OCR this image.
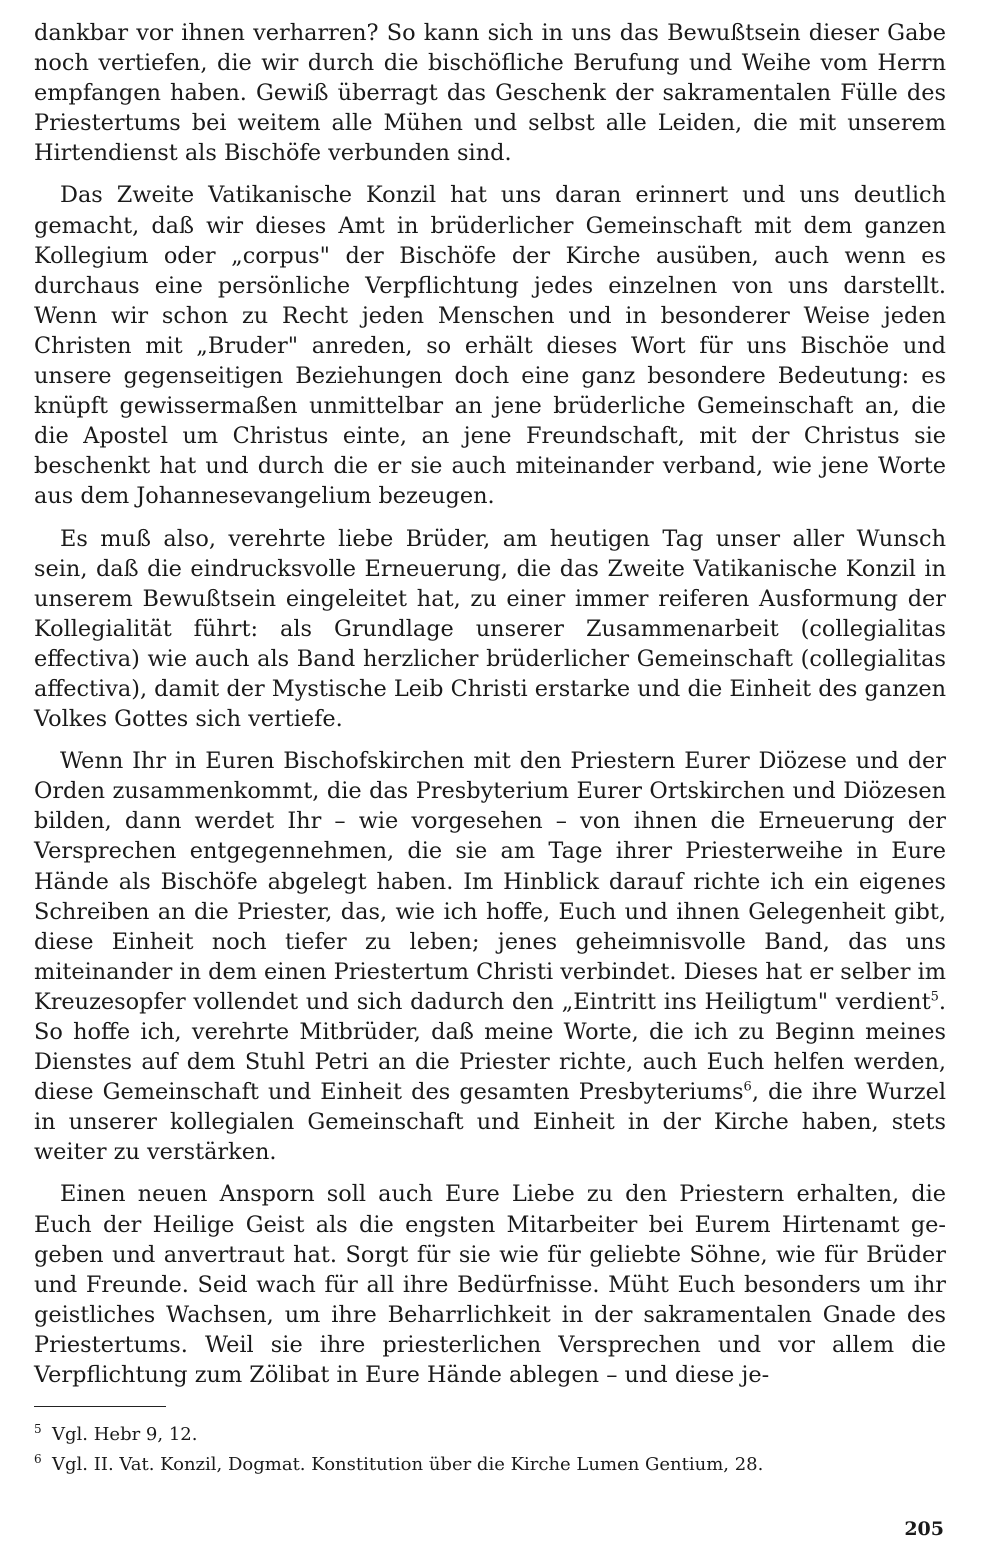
dankbar vor ihnen verharren? So kann sich in uns das Bewußtsein dieser Gabe noch vertiefen, die wir durch die bischöfliche Berufung und Weihe vom Herrn empfangen haben. Gewiß überragt das Geschenk der sakramentalen Fülle des Priestertums bei weitem alle Mühen und selbst alle Leiden, die mit unserem Hirtendienst als Bischöfe verbunden sind.

Das Zweite Vatikanische Konzil hat uns daran erinnert und uns deutlich gemacht, daß wir dieses Amt in brüderlicher Gemeinschaft mit dem ganzen Kollegium oder „corpus" der Bischöfe der Kirche ausüben, auch wenn es durchaus eine persönliche Verpflichtung jedes einzelnen von uns darstellt. Wenn wir schon zu Recht jeden Menschen und in besonderer Weise jeden Christen mit „Bruder" anreden, so erhält dieses Wort für uns Bischöe und unsere gegenseitigen Beziehungen doch eine ganz besondere Bedeutung: es knüpft gewissermaßen unmittelbar an jene brüderliche Gemeinschaft an, die die Apostel um Christus einte, an jene Freundschaft, mit der Christus sie beschenkt hat und durch die er sie auch miteinander verband, wie jene Worte aus dem Johannesevangelium bezeugen.

Es muß also, verehrte liebe Brüder, am heutigen Tag unser aller Wunsch sein, daß die eindrucksvolle Erneuerung, die das Zweite Vatikanische Konzil in unserem Bewußtsein eingeleitet hat, zu einer immer reiferen Ausformung der Kollegialität führt: als Grundlage unserer Zusammenarbeit (collegialitas effectiva) wie auch als Band herzlicher brüderlicher Gemeinschaft (collegialitas affectiva), damit der Mystische Leib Christi erstarke und die Einheit des ganzen Volkes Gottes sich vertiefe.

Wenn Ihr in Euren Bischofskirchen mit den Priestern Eurer Diözese und der Orden zusammenkommt, die das Presbyterium Eurer Ortskirchen und Diözesen bilden, dann werdet Ihr – wie vorgesehen – von ihnen die Erneuerung der Versprechen entgegennehmen, die sie am Tage ihrer Priesterweihe in Eure Hände als Bischöfe abgelegt haben. Im Hinblick darauf richte ich ein eigenes Schreiben an die Priester, das, wie ich hoffe, Euch und ihnen Gelegenheit gibt, diese Einheit noch tiefer zu leben; jenes geheimnisvolle Band, das uns miteinander in dem einen Priestertum Christi verbindet. Dieses hat er selber im Kreuzesopfer vollendet und sich dadurch den „Eintritt ins Heiligtum" verdient$^5$. So hoffe ich, verehrte Mitbrüder, daß meine Worte, die ich zu Beginn meines Dienstes auf dem Stuhl Petri an die Priester richte, auch Euch helfen werden, diese Gemeinschaft und Einheit des gesamten Presbyteriums$^6$, die ihre Wurzel in unserer kollegialen Gemeinschaft und Einheit in der Kirche haben, stets weiter zu verstärken.

Einen neuen Ansporn soll auch Eure Liebe zu den Priestern erhalten, die Euch der Heilige Geist als die engsten Mitarbeiter bei Eurem Hirtenamt gegeben und anvertraut hat. Sorgt für sie wie für geliebte Söhne, wie für Brüder und Freunde. Seid wach für all ihre Bedürfnisse. Müht Euch besonders um ihr geistliches Wachsen, um ihre Beharrlichkeit in der sakramentalen Gnade des Priestertums. Weil sie ihre priesterlichen Versprechen und vor allem die Verpflichtung zum Zölibat in Eure Hände ablegen – und diese je-

5 Vgl. Hebr 9, 12.

6 Vgl. II. Vat. Konzil, Dogmat. Konstitution über die Kirche Lumen Gentium, 28.

205
